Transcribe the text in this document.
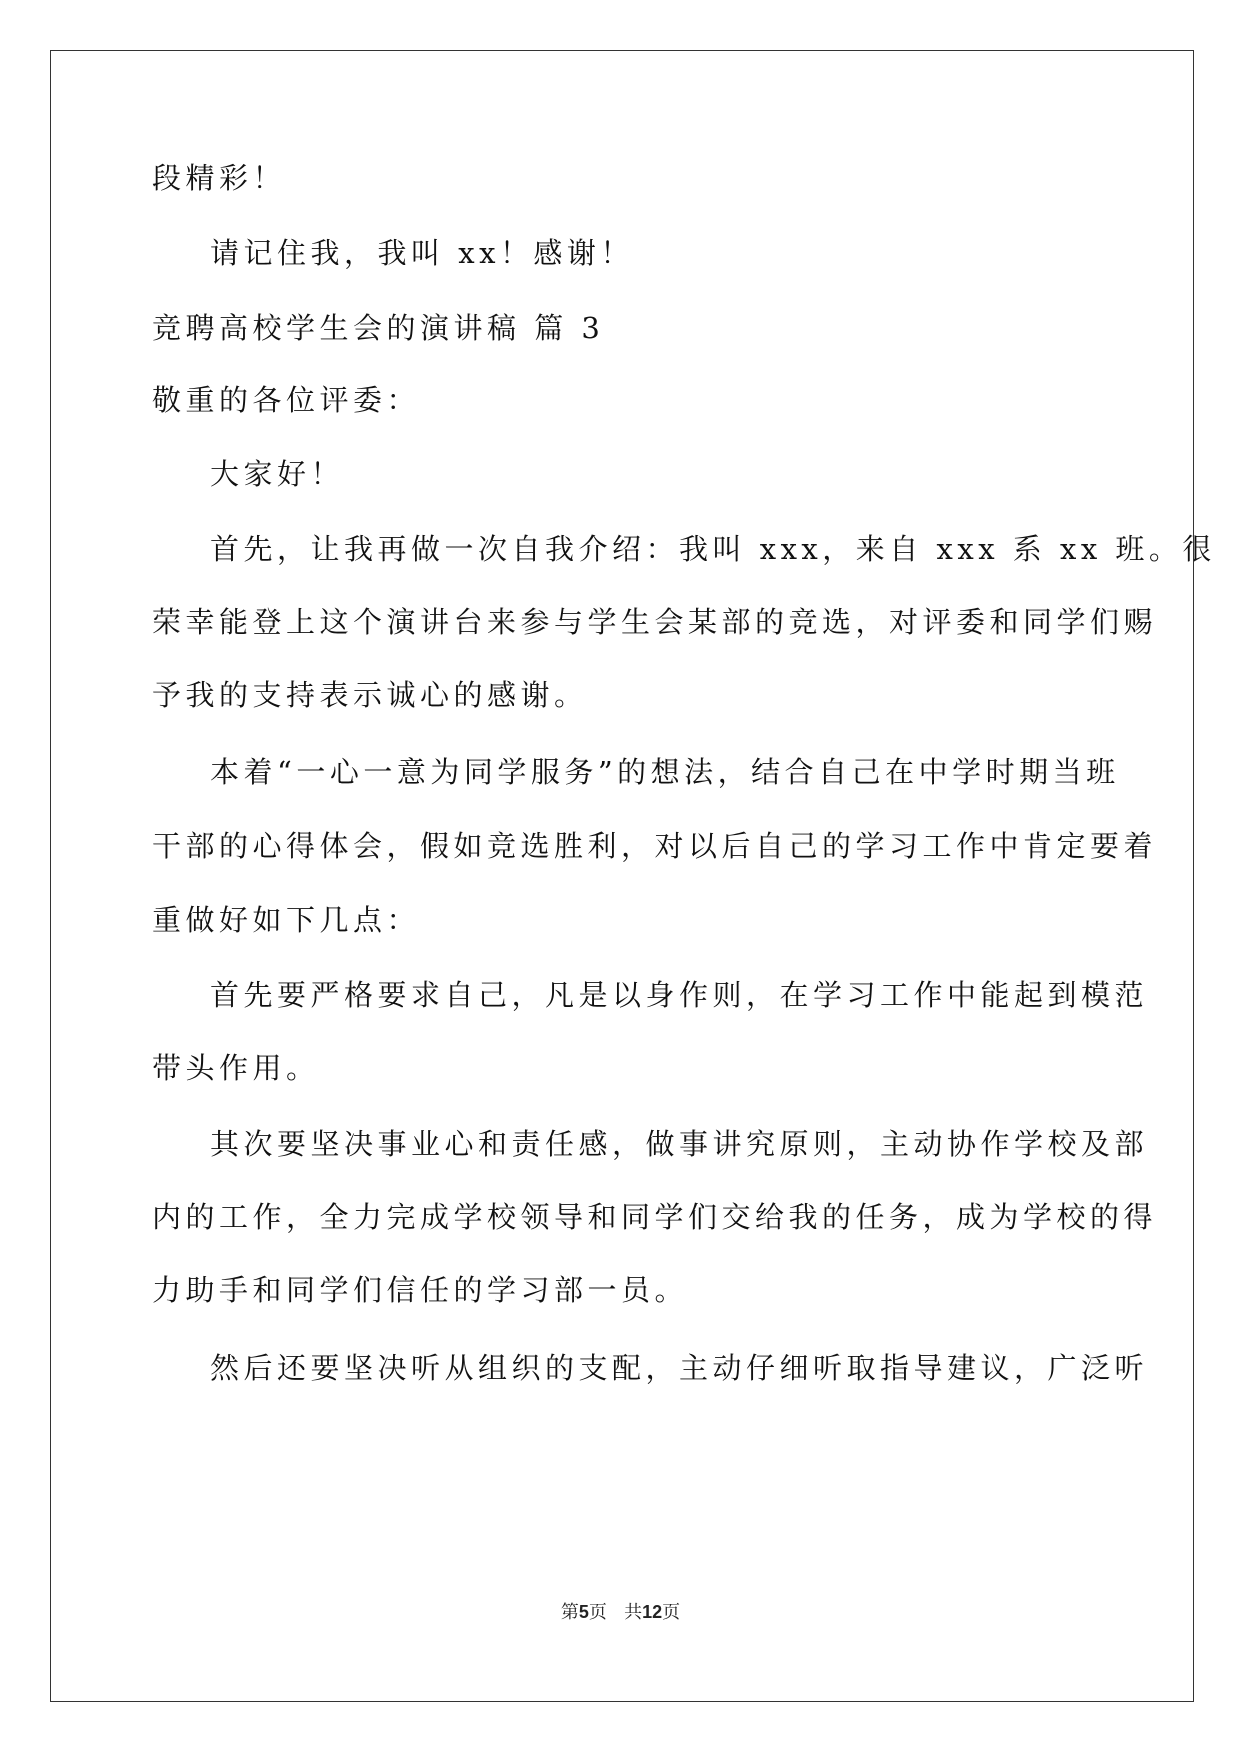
段精彩！
请记住我，我叫 xx！感谢！
竞聘高校学生会的演讲稿 篇 3
敬重的各位评委：
大家好！
首先，让我再做一次自我介绍：我叫 xxx，来自 xxx 系 xx 班。很
荣幸能登上这个演讲台来参与学生会某部的竞选，对评委和同学们赐
予我的支持表示诚心的感谢。
本着“一心一意为同学服务”的想法，结合自己在中学时期当班
干部的心得体会，假如竞选胜利，对以后自己的学习工作中肯定要着
重做好如下几点：
首先要严格要求自己，凡是以身作则，在学习工作中能起到模范
带头作用。
其次要坚决事业心和责任感，做事讲究原则，主动协作学校及部
内的工作，全力完成学校领导和同学们交给我的任务，成为学校的得
力助手和同学们信任的学习部一员。
然后还要坚决听从组织的支配，主动仔细听取指导建议，广泛听
第5页 共12页
